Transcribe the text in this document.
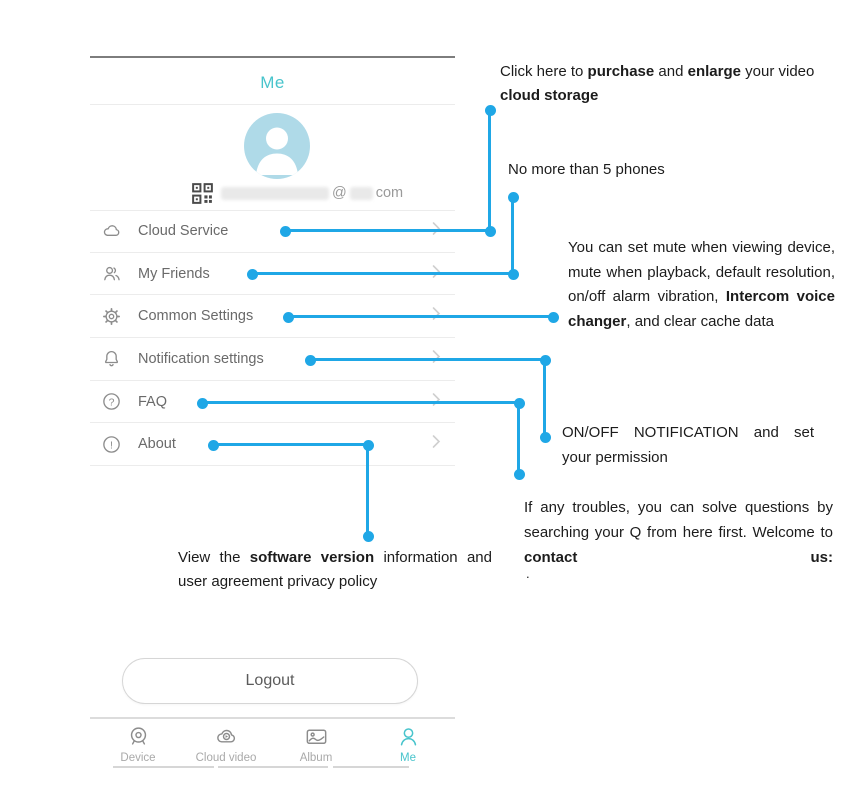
Me
@ com
Cloud Service
My Friends
Common Settings
Notification settings
? FAQ
! About
Click here to purchase and enlarge your video cloud storage
No more than 5 phones
You can set mute when viewing device, mute when playback, default resolution, on/off alarm vibration, Intercom voice changer, and clear cache data
ON/OFF NOTIFICATION and set your permission
If any troubles, you can solve questions by searching your Q from here first. Welcome to contact us:
.
View the software version information and user agreement privacy policy
Logout
Device	Cloud video	Album	Me
